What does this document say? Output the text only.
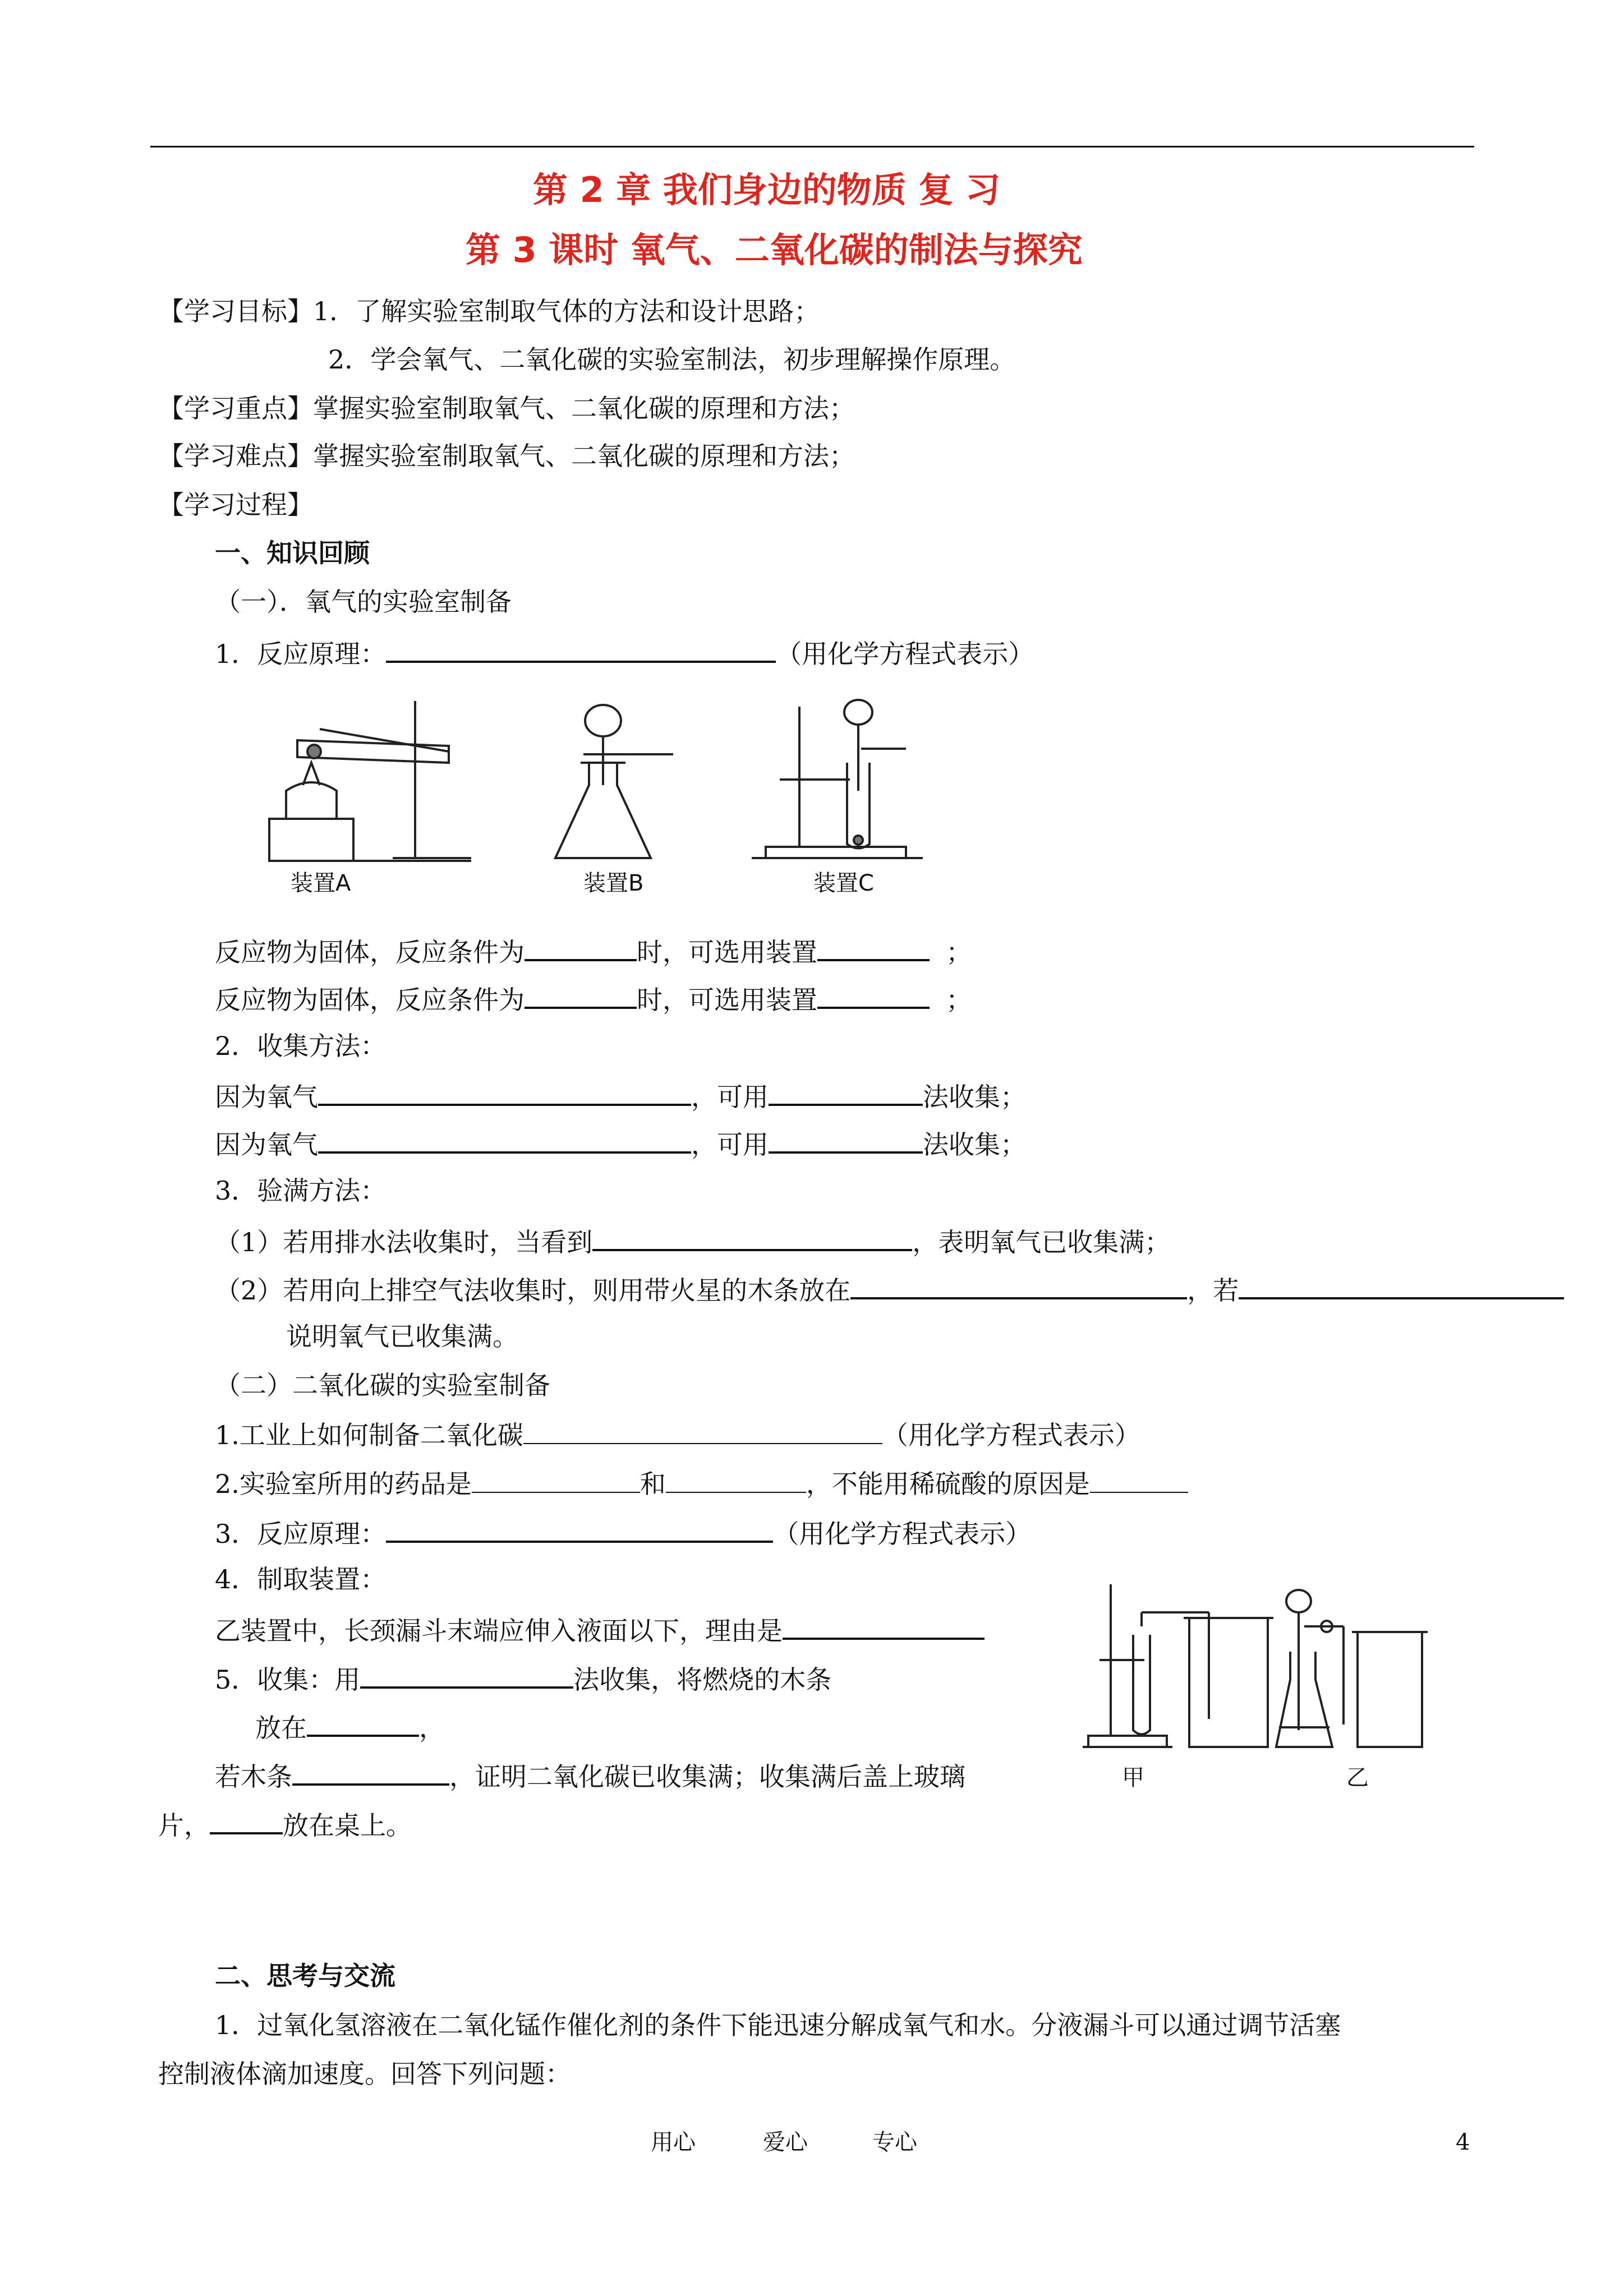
第 2 章 我们身边的物质 复 习
第 3 课时 氧气、二氧化碳的制法与探究
【学习目标】1．了解实验室制取气体的方法和设计思路；
2．学会氧气、二氧化碳的实验室制法，初步理解操作原理。
【学习重点】掌握实验室制取氧气、二氧化碳的原理和方法；
【学习难点】掌握实验室制取氧气、二氧化碳的原理和方法；
【学习过程】
一、知识回顾
（一）．氧气的实验室制备
1．反应原理：	（用化学方程式表示）
装置A	装置B	装置C
反应物为固体，反应条件为	时，可选用装置	；
反应物为固体，反应条件为	时，可选用装置	；
2．收集方法：
因为氧气	，可用	法收集；
因为氧气	，可用	法收集；
3．验满方法：
（1）若用排水法收集时，当看到	，表明氧气已收集满；
（2）若用向上排空气法收集时，则用带火星的木条放在	，若
说明氧气已收集满。
（二）二氧化碳的实验室制备
1.工业上如何制备二氧化碳	（用化学方程式表示）
2.实验室所用的药品是	和	，不能用稀硫酸的原因是
3．反应原理：	（用化学方程式表示）
4．制取装置：
乙装置中，长颈漏斗末端应伸入液面以下，理由是
5．收集：用	法收集，将燃烧的木条
放在	，
若木条	，证明二氧化碳已收集满；收集满后盖上玻璃
片，	放在桌上。
甲	乙
二、思考与交流
1．过氧化氢溶液在二氧化锰作催化剂的条件下能迅速分解成氧气和水。分液漏斗可以通过调节活塞
控制液体滴加速度。回答下列问题：
用心	爱心	专心	4
